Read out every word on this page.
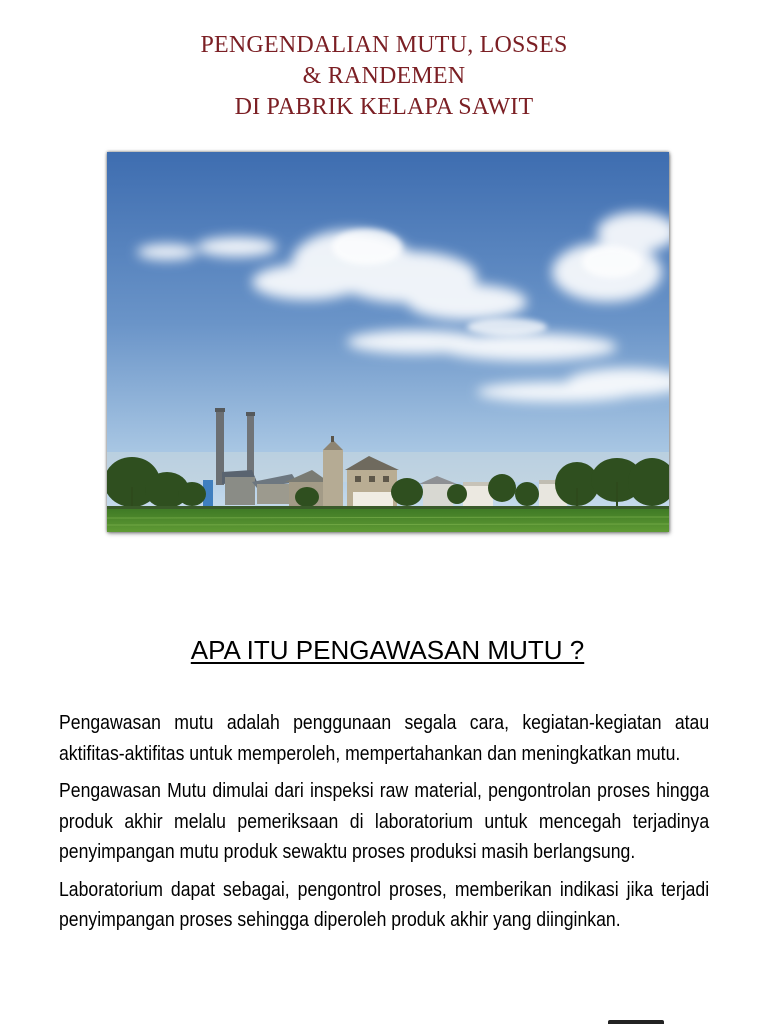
PENGENDALIAN MUTU, LOSSES
& RANDEMEN
DI PABRIK KELAPA SAWIT
APA ITU PENGAWASAN MUTU ?

Pengawasan mutu adalah penggunaan segala cara, kegiatan-kegiatan atau aktifitas-aktifitas untuk memperoleh, mempertahankan dan meningkatkan mutu.

Pengawasan Mutu dimulai dari inspeksi raw material, pengontrolan proses hingga produk akhir melalu pemeriksaan di laboratorium untuk mencegah terjadinya penyimpangan mutu produk sewaktu proses produksi masih berlangsung.

Laboratorium dapat sebagai, pengontrol proses, memberikan indikasi jika terjadi penyimpangan proses sehingga diperoleh produk akhir yang diinginkan.
